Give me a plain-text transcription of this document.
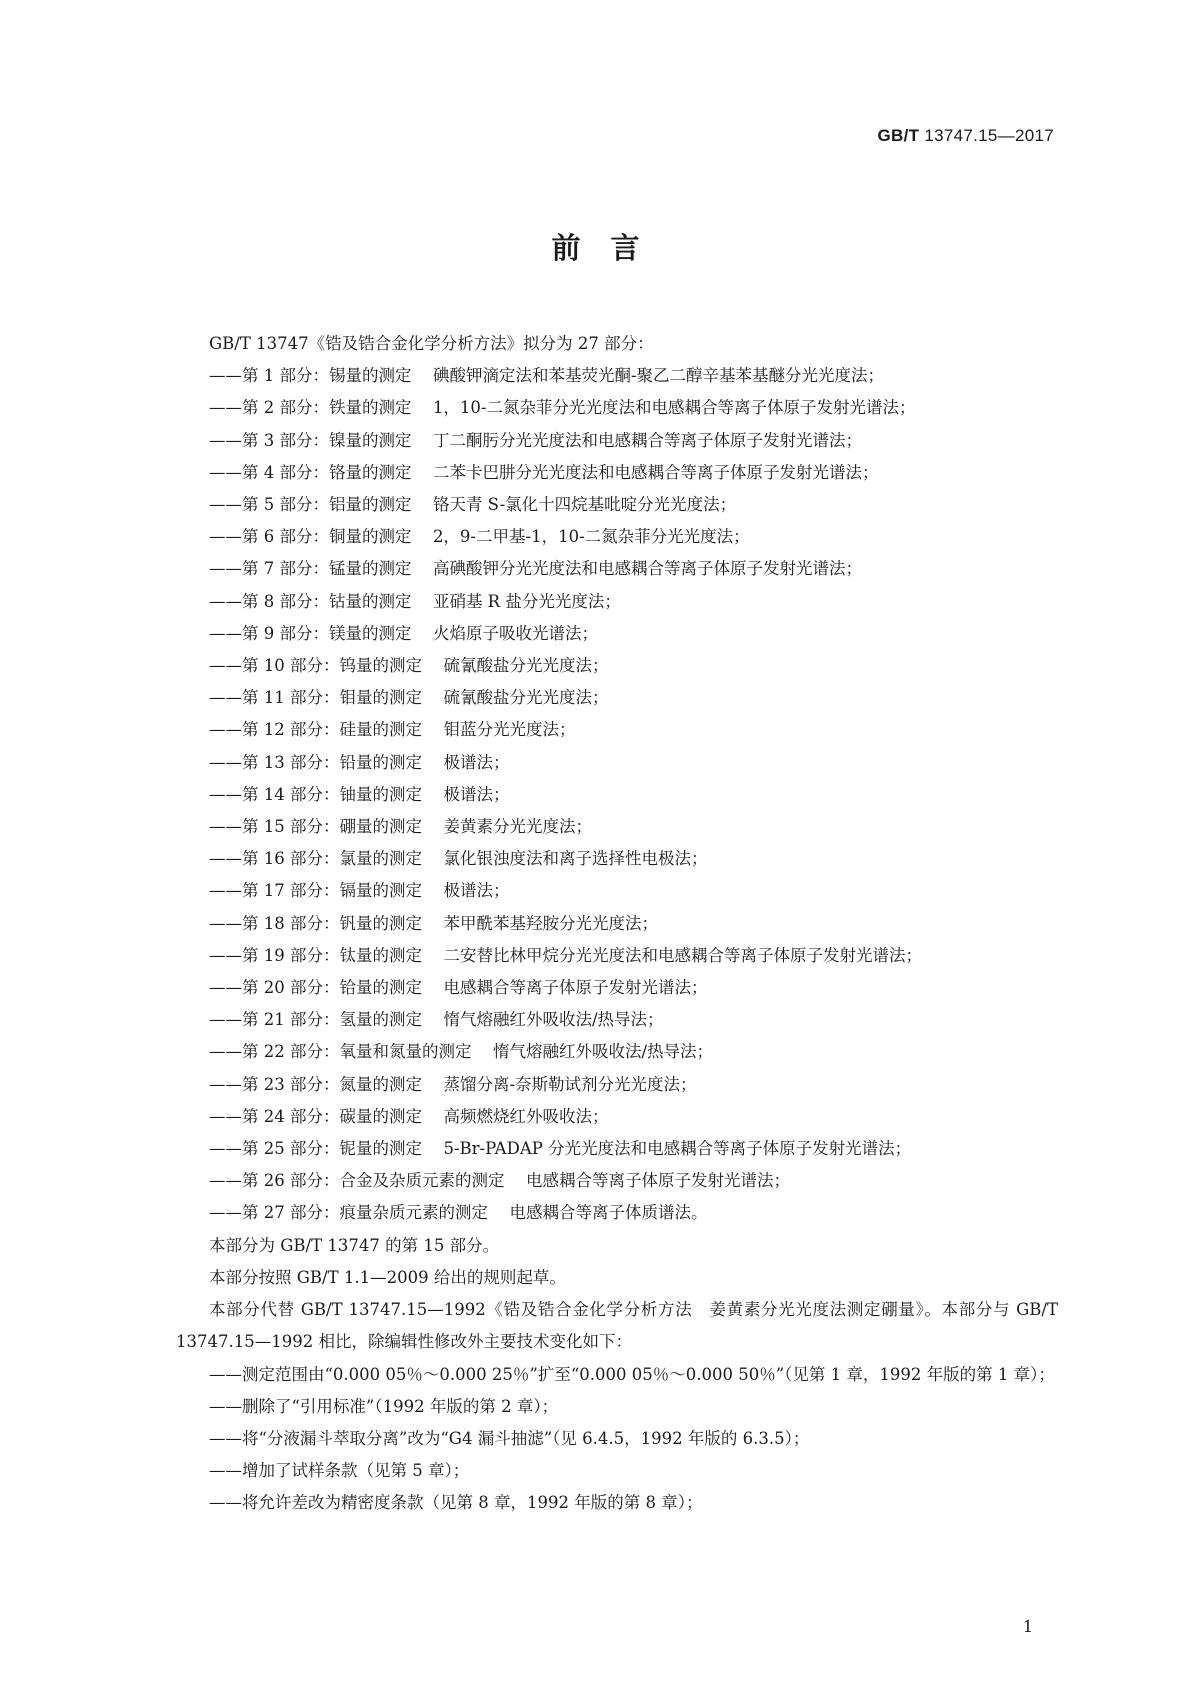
GB/T 13747.15—2017
前言

GB/T 13747《锆及锆合金化学分析方法》拟分为 27 部分：

——第 1 部分：锡量的测定 碘酸钾滴定法和苯基荧光酮-聚乙二醇辛基苯基醚分光光度法；

——第 2 部分：铁量的测定 1，10-二氮杂菲分光光度法和电感耦合等离子体原子发射光谱法；

——第 3 部分：镍量的测定 丁二酮肟分光光度法和电感耦合等离子体原子发射光谱法；

——第 4 部分：铬量的测定 二苯卡巴肼分光光度法和电感耦合等离子体原子发射光谱法；

——第 5 部分：铝量的测定 铬天青 S-氯化十四烷基吡啶分光光度法；

——第 6 部分：铜量的测定 2，9-二甲基-1，10-二氮杂菲分光光度法；

——第 7 部分：锰量的测定 高碘酸钾分光光度法和电感耦合等离子体原子发射光谱法；

——第 8 部分：钴量的测定 亚硝基 R 盐分光光度法；

——第 9 部分：镁量的测定 火焰原子吸收光谱法；

——第 10 部分：钨量的测定 硫氰酸盐分光光度法；

——第 11 部分：钼量的测定 硫氰酸盐分光光度法；

——第 12 部分：硅量的测定 钼蓝分光光度法；

——第 13 部分：铅量的测定 极谱法；

——第 14 部分：铀量的测定 极谱法；

——第 15 部分：硼量的测定 姜黄素分光光度法；

——第 16 部分：氯量的测定 氯化银浊度法和离子选择性电极法；

——第 17 部分：镉量的测定 极谱法；

——第 18 部分：钒量的测定 苯甲酰苯基羟胺分光光度法；

——第 19 部分：钛量的测定 二安替比林甲烷分光光度法和电感耦合等离子体原子发射光谱法；

——第 20 部分：铪量的测定 电感耦合等离子体原子发射光谱法；

——第 21 部分：氢量的测定 惰气熔融红外吸收法/热导法；

——第 22 部分：氧量和氮量的测定 惰气熔融红外吸收法/热导法；

——第 23 部分：氮量的测定 蒸馏分离-奈斯勒试剂分光光度法；

——第 24 部分：碳量的测定 高频燃烧红外吸收法；

——第 25 部分：铌量的测定 5-Br-PADAP 分光光度法和电感耦合等离子体原子发射光谱法；

——第 26 部分：合金及杂质元素的测定 电感耦合等离子体原子发射光谱法；

——第 27 部分：痕量杂质元素的测定 电感耦合等离子体质谱法。

本部分为 GB/T 13747 的第 15 部分。

本部分按照 GB/T 1.1—2009 给出的规则起草。

本部分代替 GB/T 13747.15—1992《锆及锆合金化学分析方法　姜黄素分光光度法测定硼量》。本部分与 GB/T 13747.15—1992 相比，除编辑性修改外主要技术变化如下：

——测定范围由“0.000 05％～0.000 25％”扩至“0.000 05％～0.000 50％”（见第 1 章，1992 年版的第 1 章）；

——删除了“引用标准”（1992 年版的第 2 章）；

——将“分液漏斗萃取分离”改为“G4 漏斗抽滤”（见 6.4.5，1992 年版的 6.3.5）；

——增加了试样条款（见第 5 章）；

——将允许差改为精密度条款（见第 8 章，1992 年版的第 8 章）；

1
